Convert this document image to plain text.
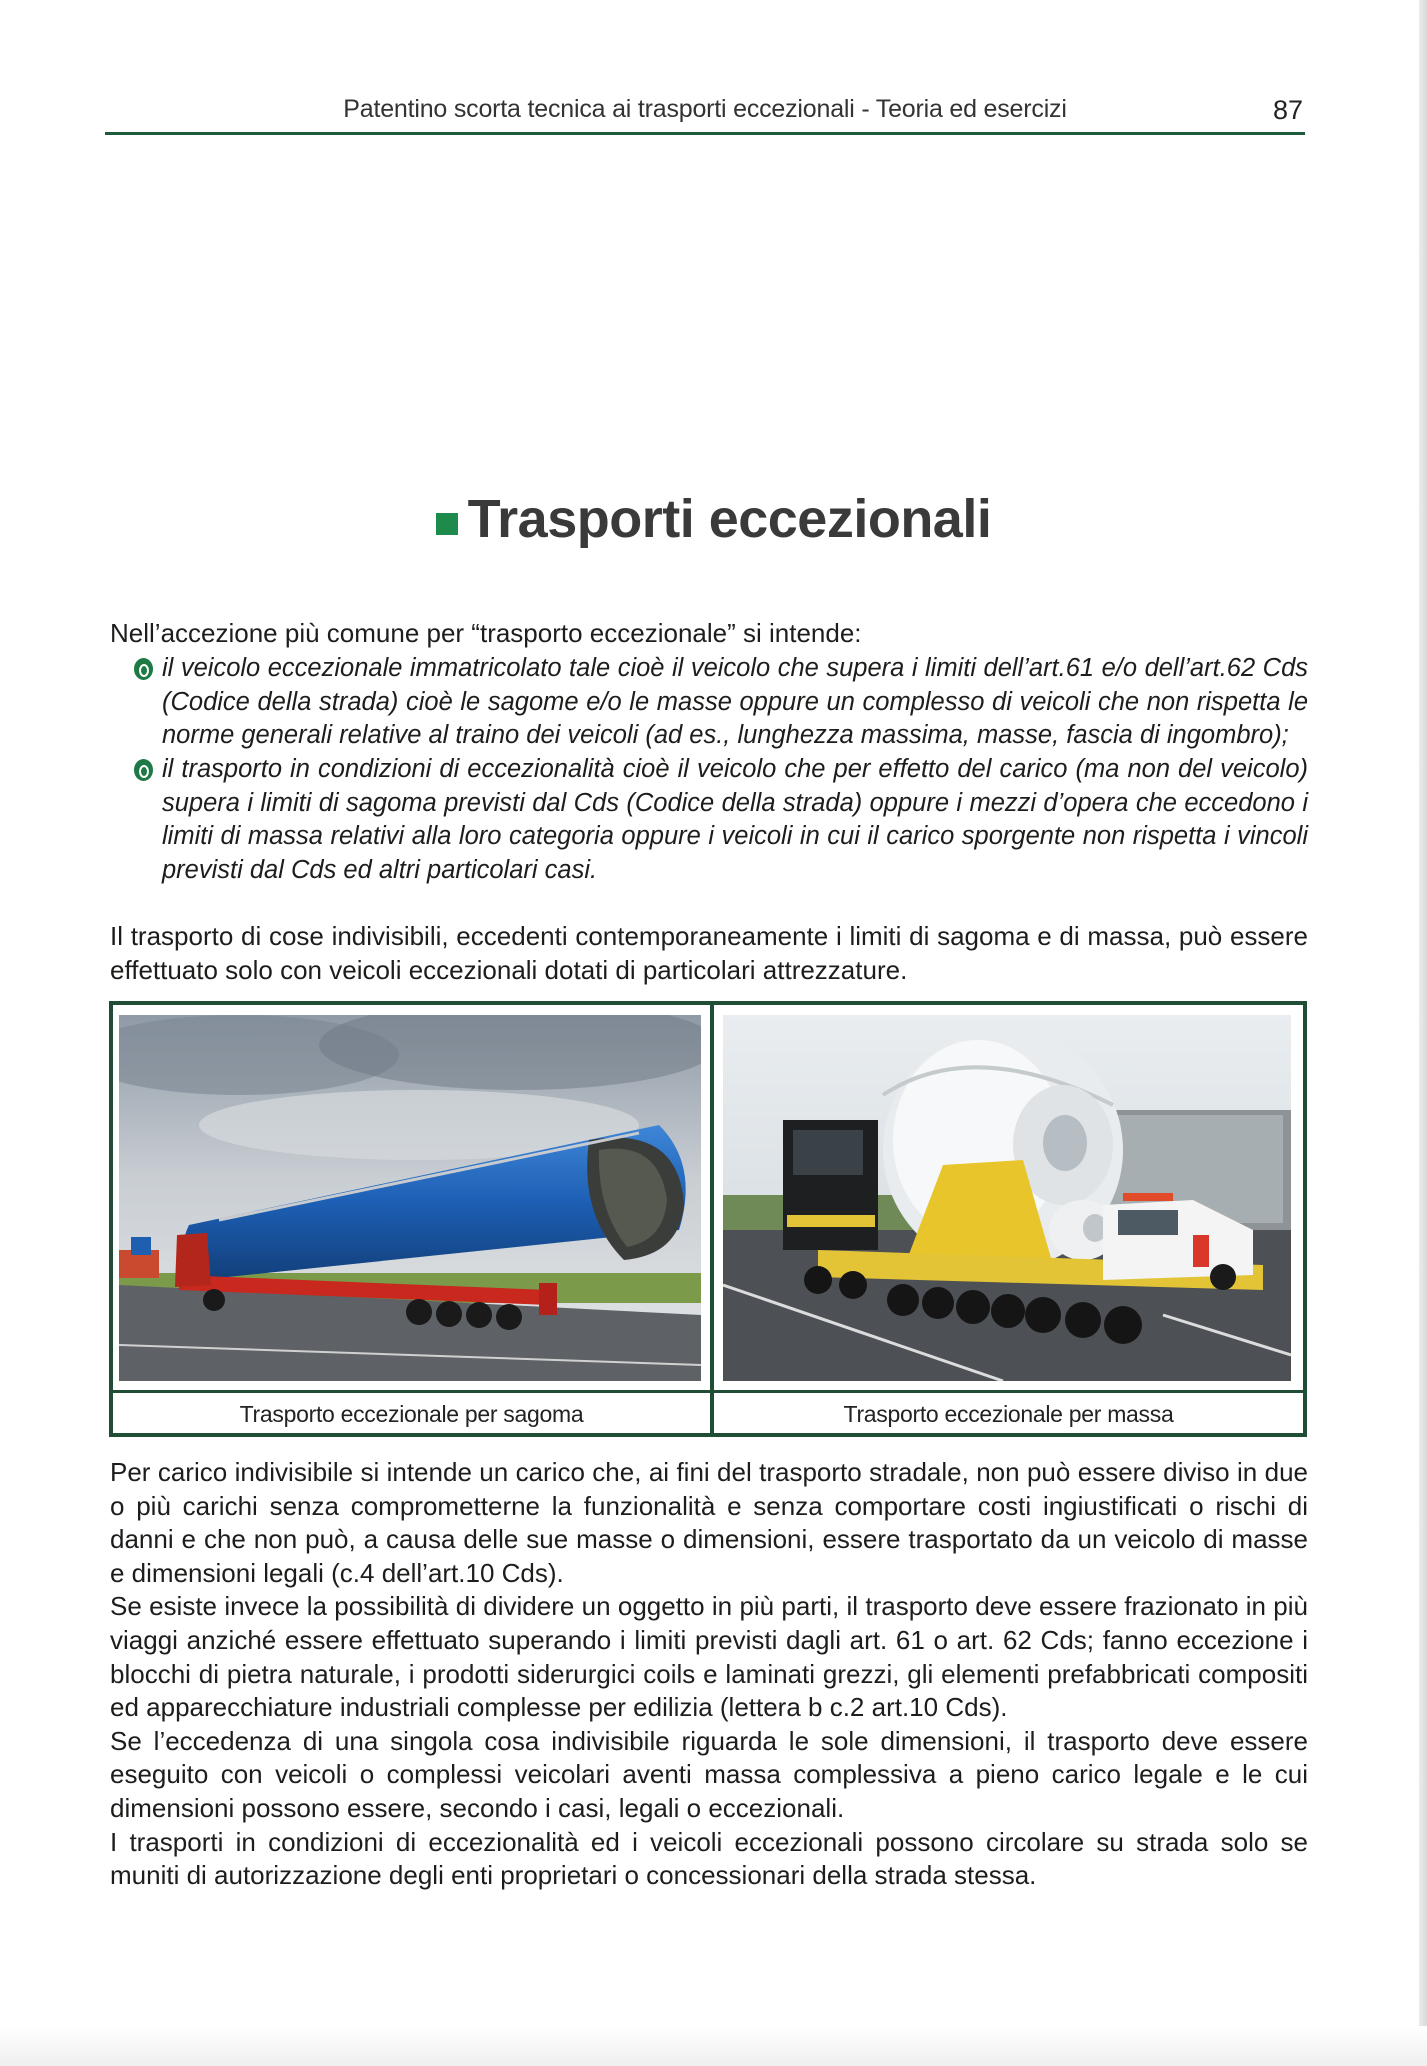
Patentino scorta tecnica ai trasporti eccezionali - Teoria ed esercizi	87
Trasporti eccezionali
Nell’accezione più comune per “trasporto eccezionale” si intende:
il veicolo eccezionale immatricolato tale cioè il veicolo che supera i limiti dell’art.61 e/o dell’art.62 Cds (Codice della strada) cioè le sagome e/o le masse oppure un complesso di veicoli che non rispetta le norme generali relative al traino dei veicoli (ad es., lunghezza massima, masse, fascia di ingombro);
il trasporto in condizioni di eccezionalità cioè il veicolo che per effetto del carico (ma non del veicolo) supera i limiti di sagoma previsti dal Cds (Codice della strada) oppure i mezzi d’opera che eccedono i limiti di massa relativi alla loro categoria oppure i veicoli in cui il carico sporgente non rispetta i vincoli previsti dal Cds ed altri particolari casi.
Il trasporto di cose indivisibili, eccedenti contemporaneamente i limiti di sagoma e di massa, può essere effettuato solo con veicoli eccezionali dotati di particolari attrezzature.
Trasporto eccezionale per sagoma	Trasporto eccezionale per massa

Per carico indivisibile si intende un carico che, ai fini del trasporto stradale, non può essere diviso in due o più carichi senza comprometterne la funzionalità e senza comportare costi ingiustificati o rischi di danni e che non può, a causa delle sue masse o dimensioni, essere trasportato da un veicolo di masse e dimensioni legali (c.4 dell’art.10 Cds).

Se esiste invece la possibilità di dividere un oggetto in più parti, il trasporto deve essere frazionato in più viaggi anziché essere effettuato superando i limiti previsti dagli art. 61 o art. 62 Cds; fanno eccezione i blocchi di pietra naturale, i prodotti siderurgici coils e laminati grezzi, gli elementi prefabbricati compositi ed apparecchiature industriali complesse per edilizia (lettera b c.2 art.10 Cds).

Se l’eccedenza di una singola cosa indivisibile riguarda le sole dimensioni, il trasporto deve essere eseguito con veicoli o complessi veicolari aventi massa complessiva a pieno carico legale e le cui dimensioni possono essere, secondo i casi, legali o eccezionali.

I trasporti in condizioni di eccezionalità ed i veicoli eccezionali possono circolare su strada solo se muniti di autorizzazione degli enti proprietari o concessionari della strada stessa.
